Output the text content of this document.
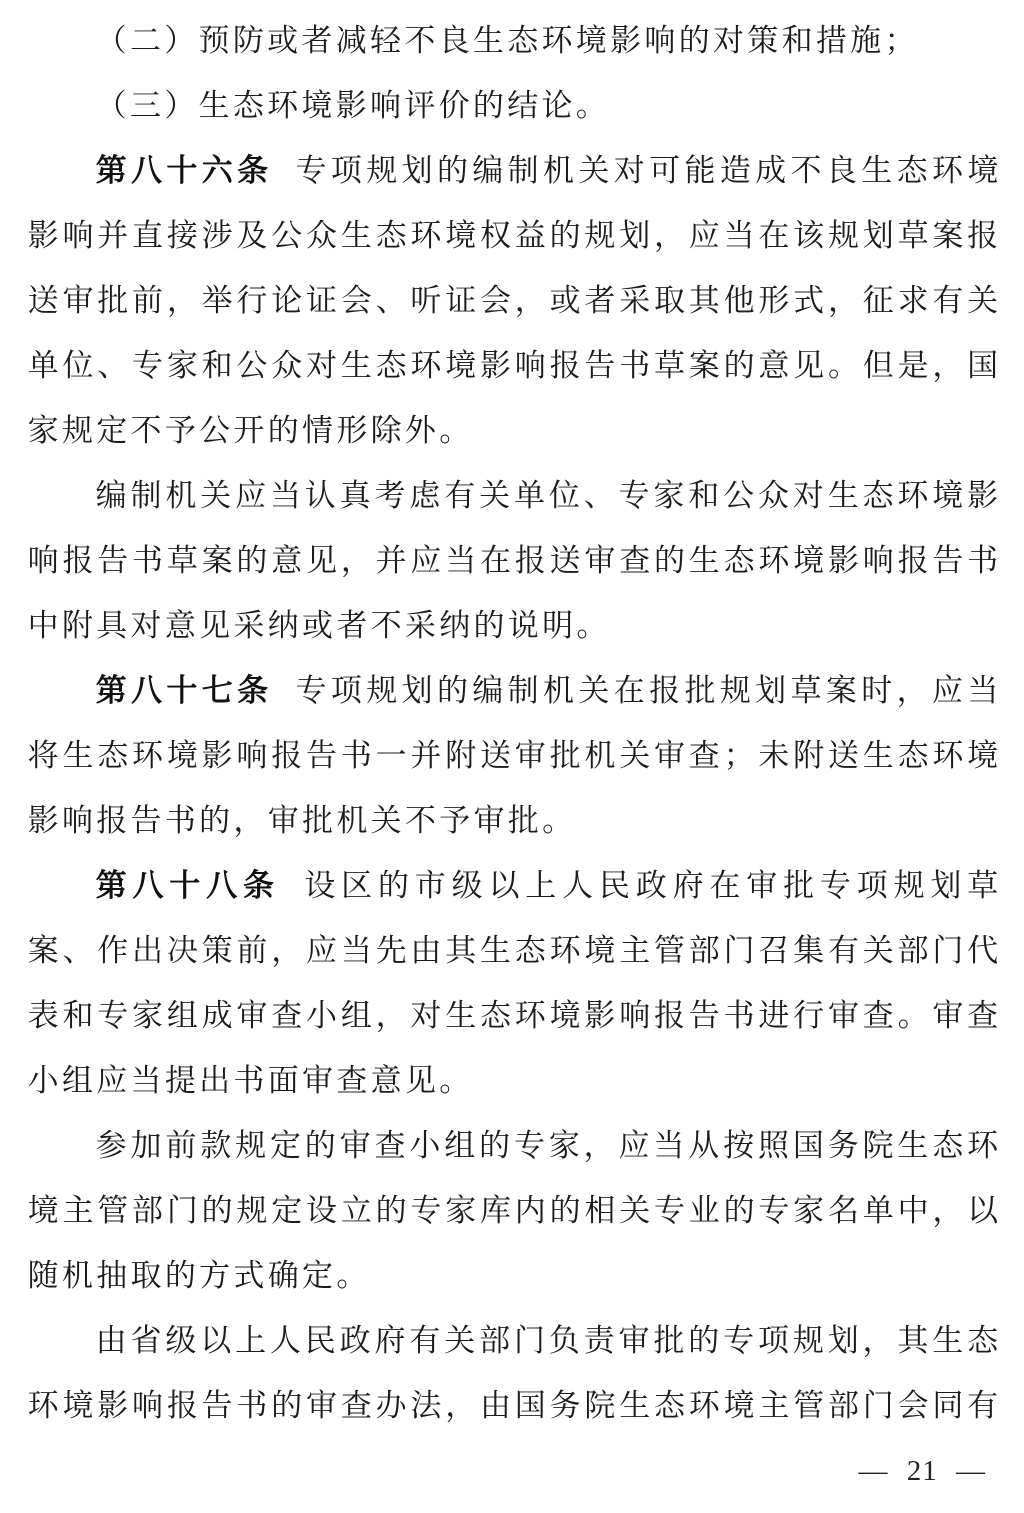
（ 二 ） 预 防 或 者 减 轻 不 良 生 态 环 境 影 响 的 对 策 和 措 施 ；
（ 三 ） 生 态 环 境 影 响 评 价 的 结 论 。
第 八 十 六 条 专 项 规 划 的 编 制 机 关 对 可 能 造 成 不 良 生 态 环 境
影 响 并 直 接 涉 及 公 众 生 态 环 境 权 益 的 规 划 ， 应 当 在 该 规 划 草 案 报
送 审 批 前 ， 举 行 论 证 会 、 听 证 会 ， 或 者 采 取 其 他 形 式 ， 征 求 有 关
单 位 、 专 家 和 公 众 对 生 态 环 境 影 响 报 告 书 草 案 的 意 见 。 但 是 ， 国
家 规 定 不 予 公 开 的 情 形 除 外 。
编 制 机 关 应 当 认 真 考 虑 有 关 单 位 、 专 家 和 公 众 对 生 态 环 境 影
响 报 告 书 草 案 的 意 见 ， 并 应 当 在 报 送 审 查 的 生 态 环 境 影 响 报 告 书
中 附 具 对 意 见 采 纳 或 者 不 采 纳 的 说 明 。
第 八 十 七 条 专 项 规 划 的 编 制 机 关 在 报 批 规 划 草 案 时 ， 应 当
将 生 态 环 境 影 响 报 告 书 一 并 附 送 审 批 机 关 审 查 ； 未 附 送 生 态 环 境
影 响 报 告 书 的 ， 审 批 机 关 不 予 审 批 。
第 八 十 八 条 设 区 的 市 级 以 上 人 民 政 府 在 审 批 专 项 规 划 草
案 、 作 出 决 策 前 ， 应 当 先 由 其 生 态 环 境 主 管 部 门 召 集 有 关 部 门 代
表 和 专 家 组 成 审 查 小 组 ， 对 生 态 环 境 影 响 报 告 书 进 行 审 查 。 审 查
小 组 应 当 提 出 书 面 审 查 意 见 。
参 加 前 款 规 定 的 审 查 小 组 的 专 家 ， 应 当 从 按 照 国 务 院 生 态 环
境 主 管 部 门 的 规 定 设 立 的 专 家 库 内 的 相 关 专 业 的 专 家 名 单 中 ， 以
随 机 抽 取 的 方 式 确 定 。
由 省 级 以 上 人 民 政 府 有 关 部 门 负 责 审 批 的 专 项 规 划 ， 其 生 态
环 境 影 响 报 告 书 的 审 查 办 法 ， 由 国 务 院 生 态 环 境 主 管 部 门 会 同 有
— 21 —
